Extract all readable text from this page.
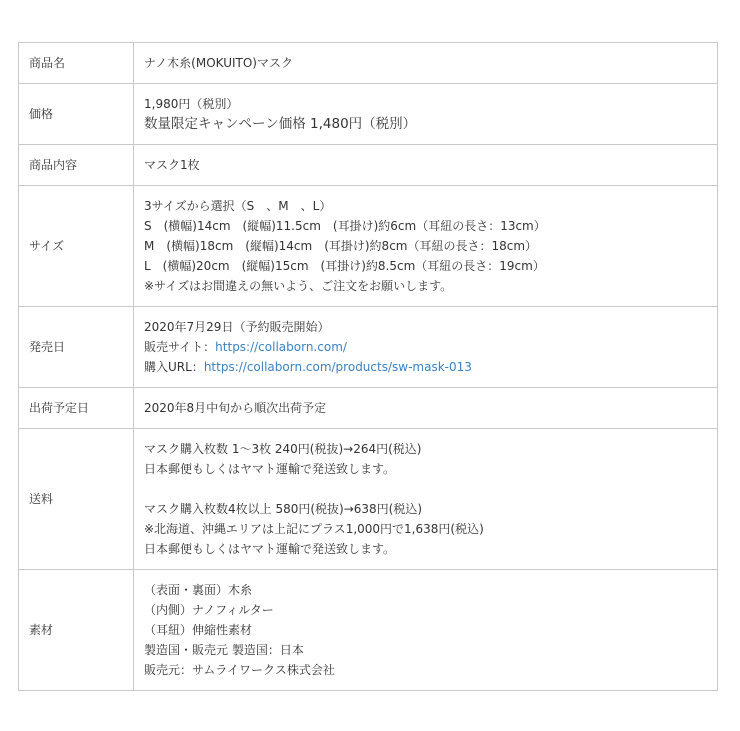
商品名	ナノ木糸(MOKUITO)マスク

価格	1,980円（税別）
数量限定キャンペーン価格 1,480円（税別）

商品内容	マスク1枚

サイズ	3サイズから選択（S　、M　、L）
S　(横幅)14cm　(縦幅)11.5cm　(耳掛け)約6cm（耳紐の長さ：13cm）
M　(横幅)18cm　(縦幅)14cm　(耳掛け)約8cm（耳紐の長さ：18cm）
L　(横幅)20cm　(縦幅)15cm　(耳掛け)約8.5cm（耳紐の長さ：19cm）
※サイズはお間違えの無いよう、ご注文をお願いします。

発売日	2020年7月29日（予約販売開始）
販売サイト：https://collaborn.com/
購入URL：https://collaborn.com/products/sw-mask-013

出荷予定日	2020年8月中旬から順次出荷予定

送料	マスク購入枚数 1～3枚 240円(税抜)→264円(税込)
日本郵便もしくはヤマト運輸で発送致します。
マスク購入枚数4枚以上 580円(税抜)→638円(税込)
※北海道、沖縄エリアは上記にプラス1,000円で1,638円(税込)
日本郵便もしくはヤマト運輸で発送致します。

素材	（表面・裏面）木糸
（内側）ナノフィルター
（耳紐）伸縮性素材
製造国・販売元 製造国：日本
販売元：サムライワークス株式会社
